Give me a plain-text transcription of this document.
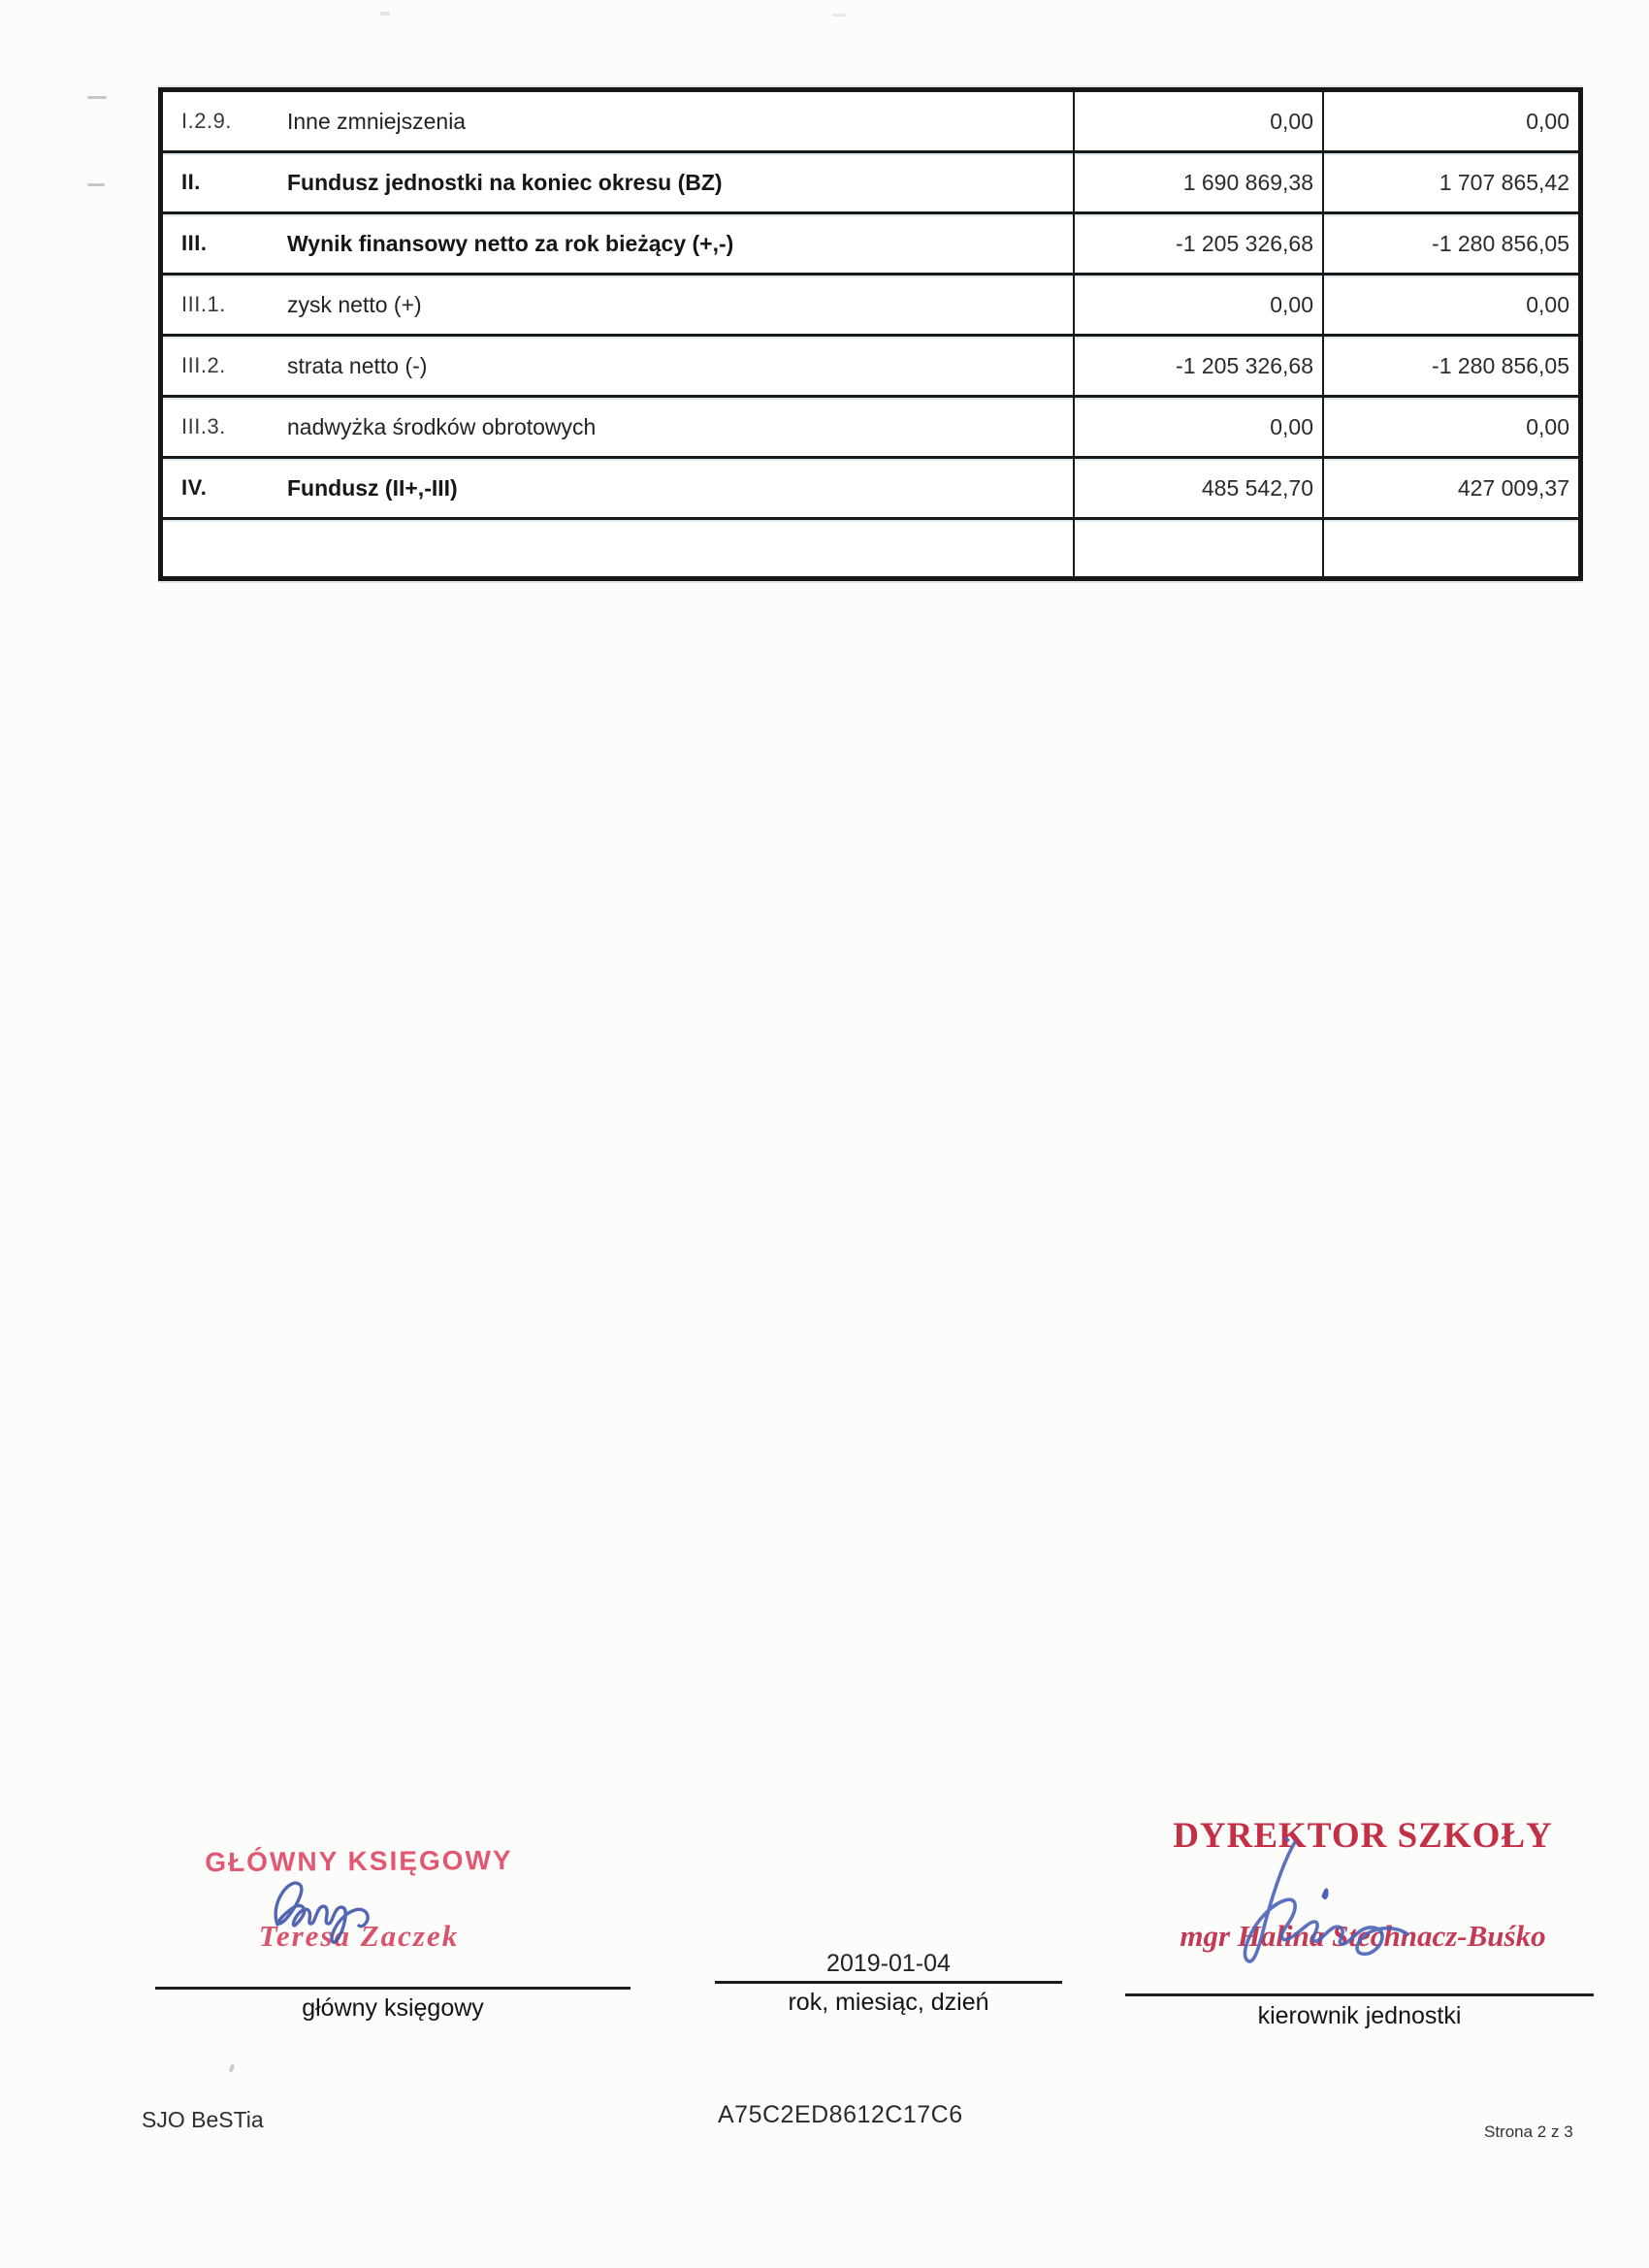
I.2.9.	Inne zmniejszenia	0,00	0,00
II.	Fundusz jednostki na koniec okresu (BZ)	1 690 869,38	1 707 865,42
III.	Wynik finansowy netto za rok bieżący (+,-)	-1 205 326,68	-1 280 856,05
III.1.	zysk netto (+)	0,00	0,00
III.2.	strata netto (-)	-1 205 326,68	-1 280 856,05
III.3.	nadwyżka środków obrotowych	0,00	0,00
IV.	Fundusz (II+,-III)	485 542,70	427 009,37
GŁÓWNY KSIĘGOWY
Teresa Zaczek
główny księgowy
2019-01-04
rok, miesiąc, dzień
DYREKTOR SZKOŁY
mgr Halina Stechnacz-Buśko
kierownik jednostki
SJO BeSTia	A75C2ED8612C17C6
Strona 2 z 3
